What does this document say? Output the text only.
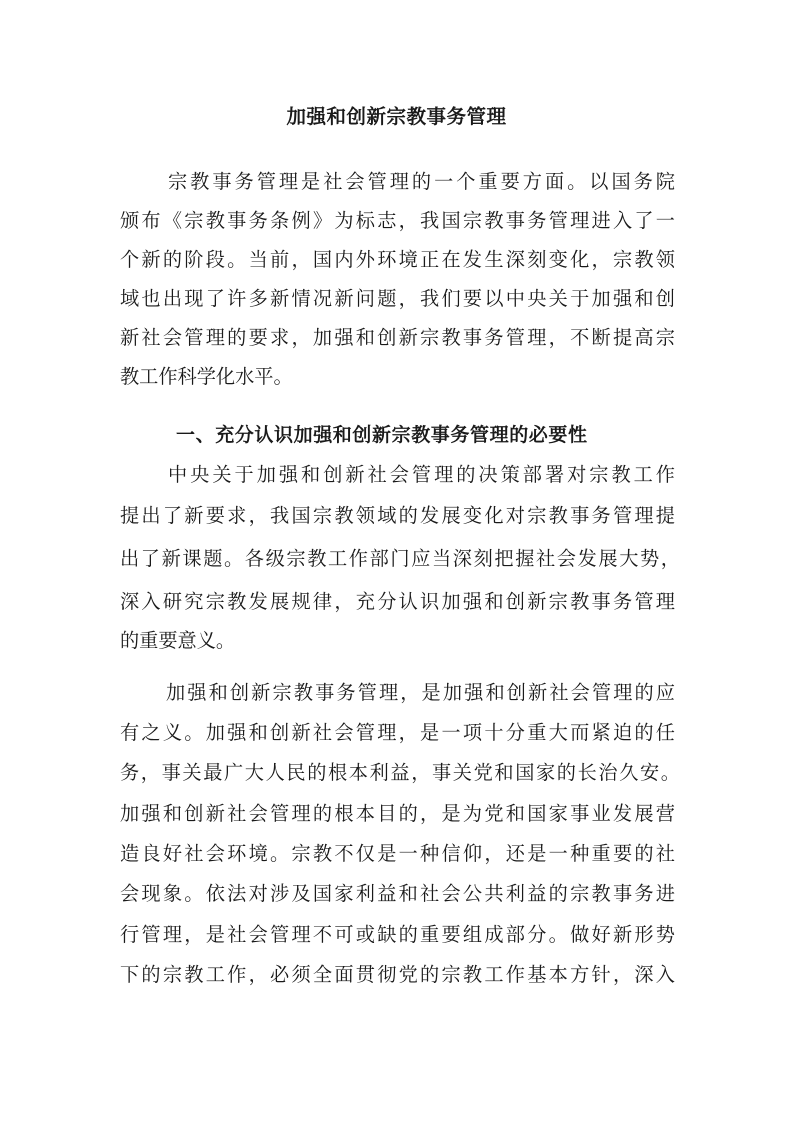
加强和创新宗教事务管理
宗教事务管理是社会管理的一个重要方面。以国务院
颁布《宗教事务条例》为标志，我国宗教事务管理进入了一
个新的阶段。当前，国内外环境正在发生深刻变化，宗教领
域也出现了许多新情况新问题，我们要以中央关于加强和创
新社会管理的要求，加强和创新宗教事务管理，不断提高宗
教工作科学化水平。
一、充分认识加强和创新宗教事务管理的必要性
中央关于加强和创新社会管理的决策部署对宗教工作
提出了新要求，我国宗教领域的发展变化对宗教事务管理提
出了新课题。各级宗教工作部门应当深刻把握社会发展大势，
深入研究宗教发展规律，充分认识加强和创新宗教事务管理
的重要意义。
加强和创新宗教事务管理，是加强和创新社会管理的应
有之义。加强和创新社会管理，是一项十分重大而紧迫的任
务，事关最广大人民的根本利益，事关党和国家的长治久安。
加强和创新社会管理的根本目的，是为党和国家事业发展营
造良好社会环境。宗教不仅是一种信仰，还是一种重要的社
会现象。依法对涉及国家利益和社会公共利益的宗教事务进
行管理，是社会管理不可或缺的重要组成部分。做好新形势
下的宗教工作，必须全面贯彻党的宗教工作基本方针，深入
